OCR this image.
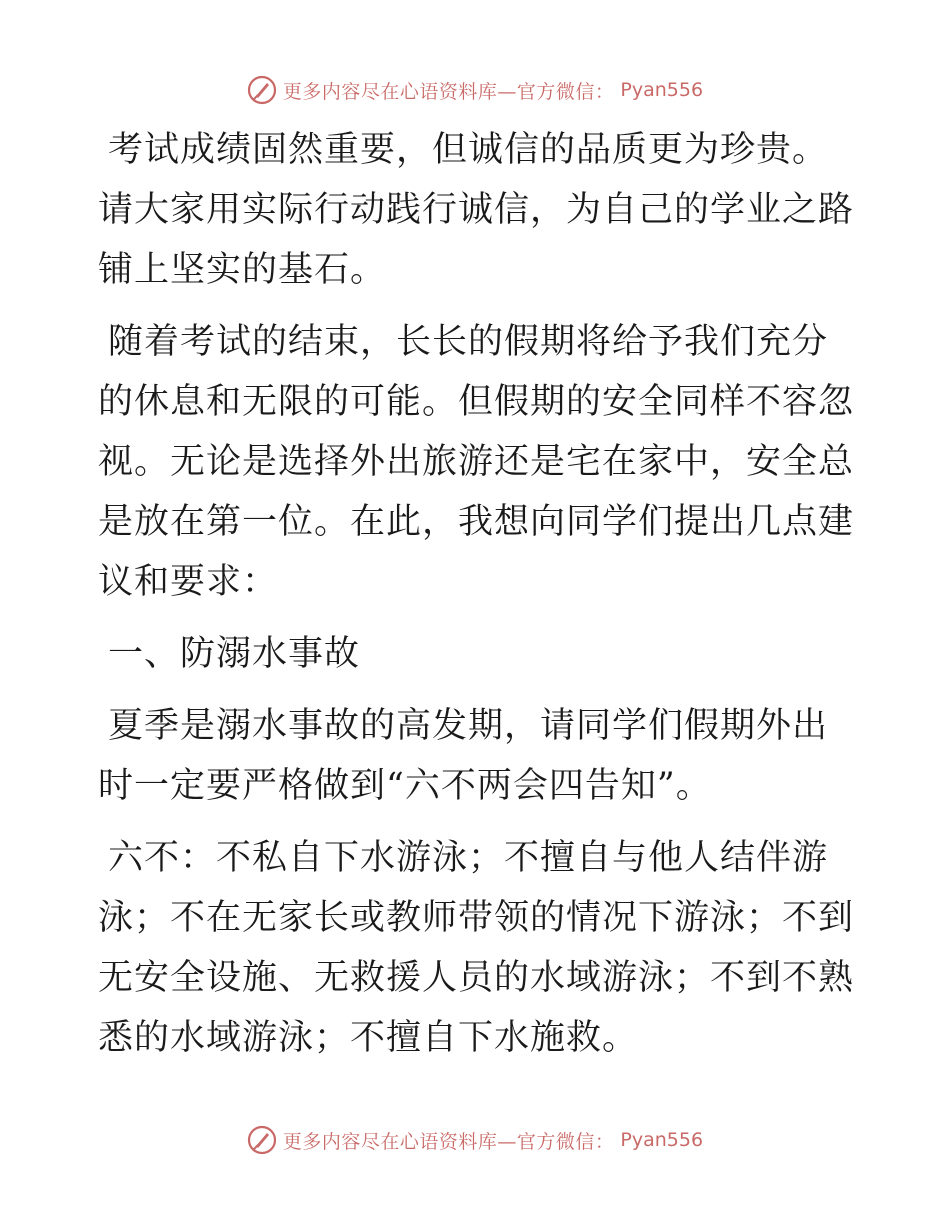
更多内容尽在心语资料库—官方微信： Pyan556

考试成绩固然重要，但诚信的品质更为珍贵。请大家用实际行动践行诚信，为自己的学业之路铺上坚实的基石。

随着考试的结束，长长的假期将给予我们充分的休息和无限的可能。但假期的安全同样不容忽视。无论是选择外出旅游还是宅在家中，安全总是放在第一位。在此，我想向同学们提出几点建议和要求：

一、防溺水事故

夏季是溺水事故的高发期，请同学们假期外出时一定要严格做到“六不两会四告知”。

六不：不私自下水游泳；不擅自与他人结伴游泳；不在无家长或教师带领的情况下游泳；不到无安全设施、无救援人员的水域游泳；不到不熟悉的水域游泳；不擅自下水施救。

更多内容尽在心语资料库—官方微信： Pyan556
